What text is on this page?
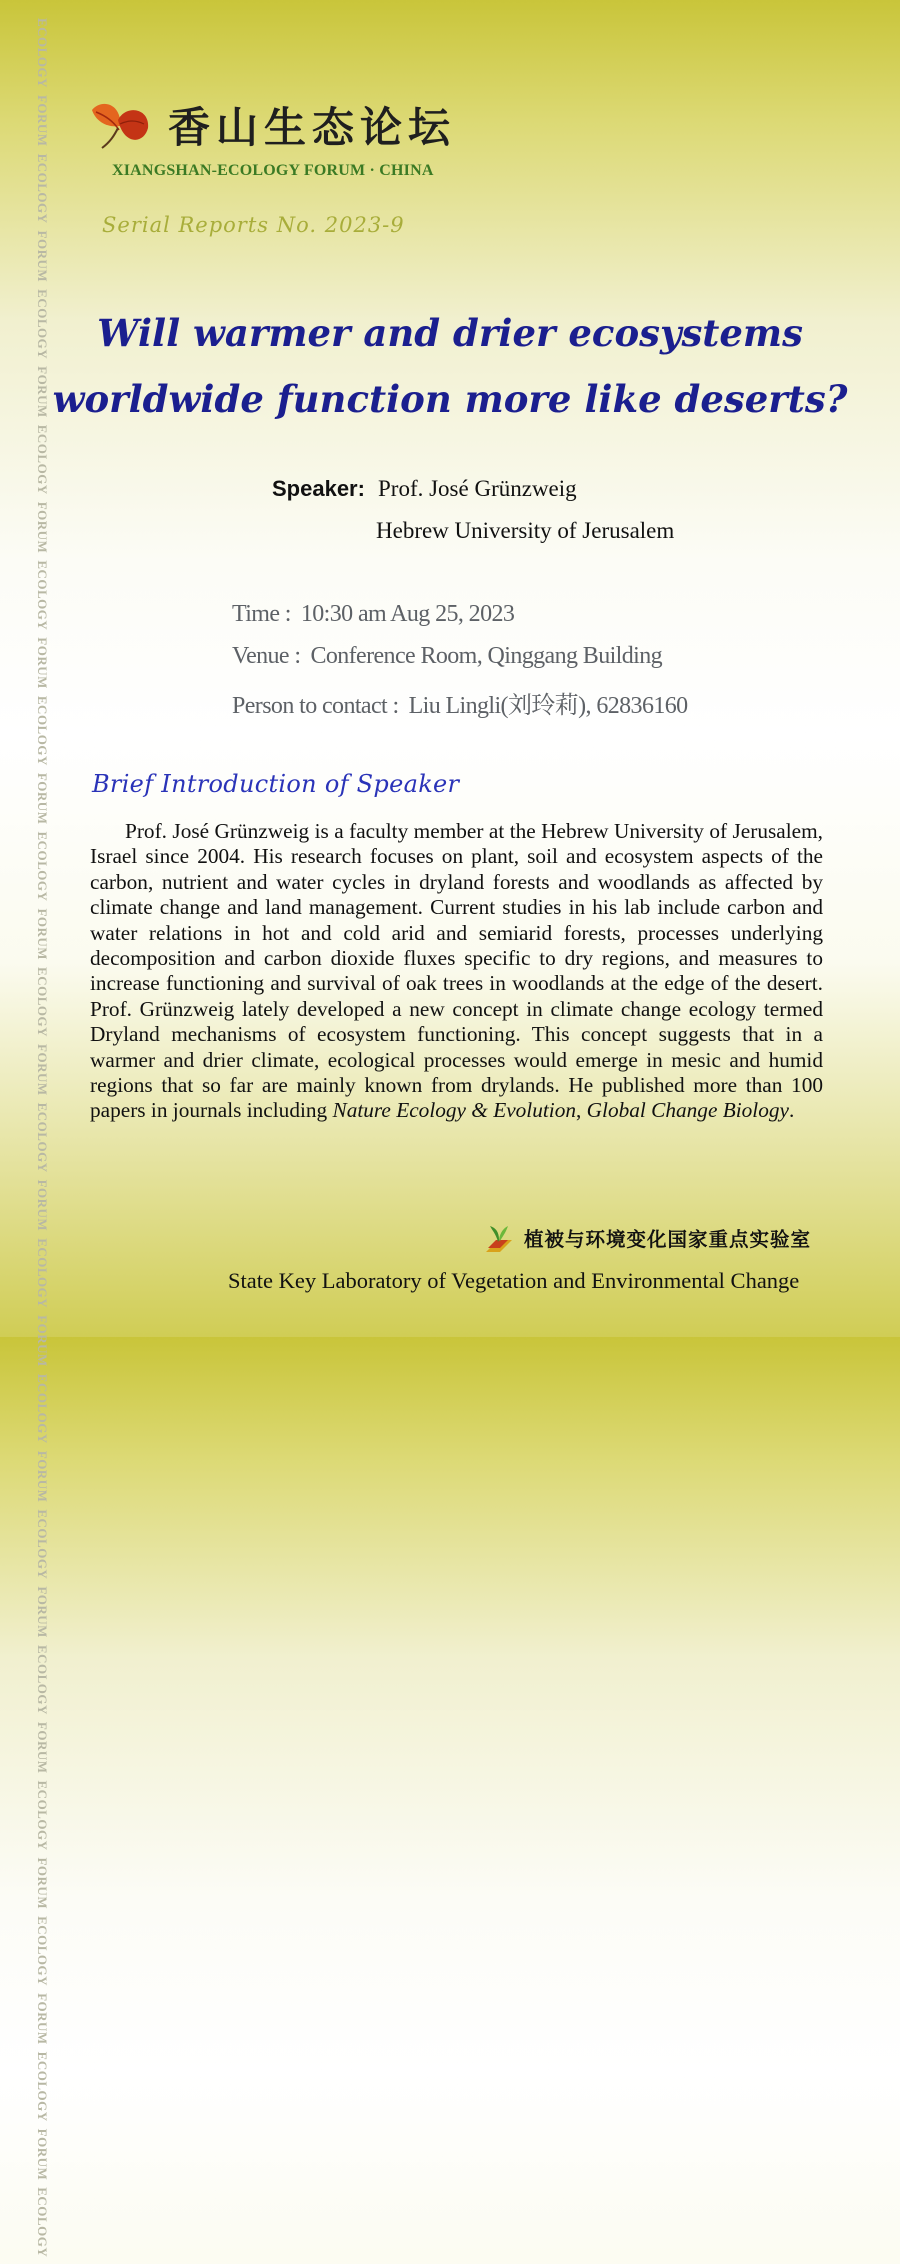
ECOLOGYFORUMECOLOGYFORUMECOLOGYFORUMECOLOGYFORUMECOLOGYFORUMECOLOGYFORUMECOLOGYFORUMECOLOGYFORUMECOLOGYFORUMECOLOGYFORUMECOLOGYFORUMECOLOGYFORUMECOLOGYFORUMECOLOGYFORUMECOLOGYFORUMECOLOGYFORUMECOLOGY
香山生态论坛
XIANGSHAN-ECOLOGY FORUM · CHINA
Serial Reports No. 2023-9
Will warmer and drier ecosystems
worldwide function more like deserts?
Speaker: Prof. José Grünzweig
Hebrew University of Jerusalem
Time : 10:30 am Aug 25, 2023
Venue : Conference Room, Qinggang Building
Person to contact : Liu Lingli(刘玲莉), 62836160
Brief Introduction of Speaker
Prof. José Grünzweig is a faculty member at the Hebrew University of Jerusalem, Israel since 2004. His research focuses on plant, soil and ecosystem aspects of the carbon, nutrient and water cycles in dryland forests and woodlands as affected by climate change and land management. Current studies in his lab include carbon and water relations in hot and cold arid and semiarid forests, processes underlying decomposition and carbon dioxide fluxes specific to dry regions, and measures to increase functioning and survival of oak trees in woodlands at the edge of the desert. Prof. Grünzweig lately developed a new concept in climate change ecology termed Dryland mechanisms of ecosystem functioning. This concept suggests that in a warmer and drier climate, ecological processes would emerge in mesic and humid regions that so far are mainly known from drylands. He published more than 100 papers in journals including Nature Ecology & Evolution, Global Change Biology.
植被与环境变化国家重点实验室
State Key Laboratory of Vegetation and Environmental Change
